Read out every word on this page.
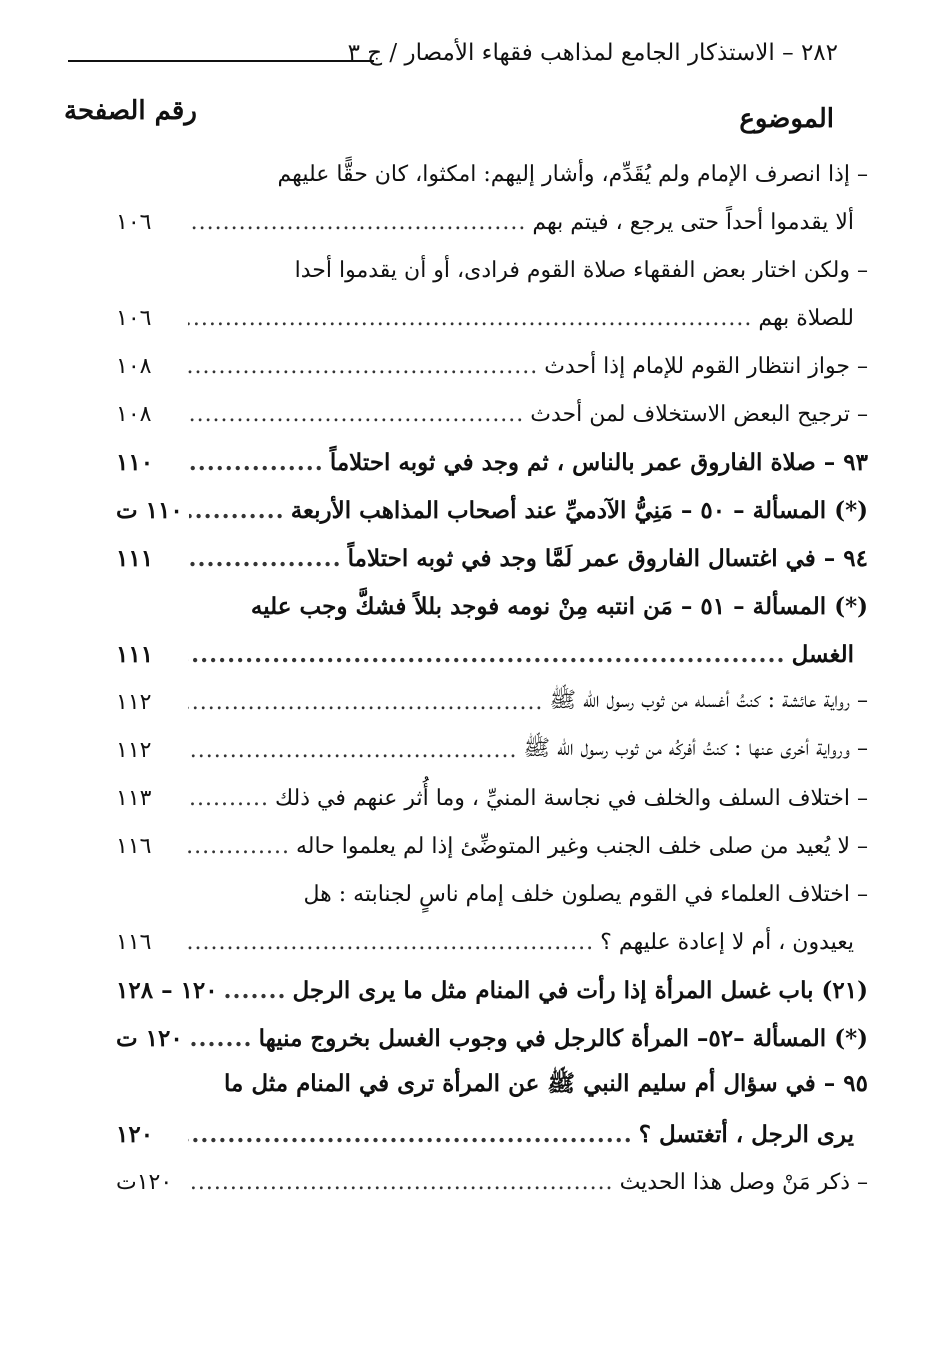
٢٨٢ – الاستذكار الجامع لمذاهب فقهاء الأمصار / ج ٣
الموضوع
رقم الصفحة
– إذا انصرف الإمام ولم يُقَدِّم، وأشار إليهم: امكثوا، كان حقًّا عليهم
ألا يقدموا أحداً حتى يرجع ، فيتم بهم
.....
١٠٦
– ولكن اختار بعض الفقهاء صلاة القوم فرادى، أو أن يقدموا أحدا
للصلاة بهم
.....
١٠٦
– جواز انتظار القوم للإمام إذا أحدث
.....
١٠٨
– ترجيح البعض الاستخلاف لمن أحدث
.....
١٠٨
٩٣ – صلاة الفاروق عمر بالناس ، ثم وجد في ثوبه احتلاماً
.....
١١٠
(*) المسألة – ٥٠ – مَنِيُّ الآدميِّ عند أصحاب المذاهب الأربعة
.....
١١٠ ت
٩٤ – في اغتسال الفاروق عمر لَمَّا وجد في ثوبه احتلاماً
.....
١١١
(*) المسألة – ٥١ – مَن انتبه مِنْ نومه فوجد بللاً فشكَّ وجب عليه
الغسل
.....
١١١
– رواية عائشة : كنتُ أغسله من ثوب رسول الله ﷺ
.....
١١٢
– ورواية أخرى عنها : كنتُ أفركُه من ثوب رسول الله ﷺ
.....
١١٢
– اختلاف السلف والخلف في نجاسة المنيِّ ، وما أُثر عنهم في ذلك
.....
١١٣
– لا يُعيد من صلى خلف الجنب وغير المتوضِّئ إذا لم يعلموا حاله
.....
١١٦
– اختلاف العلماء في القوم يصلون خلف إمام ناسٍ لجنابته : هل
يعيدون ، أم لا إعادة عليهم ؟
.....
١١٦
(٢١) باب غسل المرأة إذا رأت في المنام مثل ما يرى الرجل
.....
١٢٠ – ١٢٨
(*) المسألة –٥٢– المرأة كالرجل في وجوب الغسل بخروج منيها
.....
١٢٠ ت
٩٥ – في سؤال أم سليم النبي ﷺ عن المرأة ترى في المنام مثل ما
يرى الرجل ، أتغتسل ؟
.....
١٢٠
– ذكر مَنْ وصل هذا الحديث
.....
١٢٠ت
